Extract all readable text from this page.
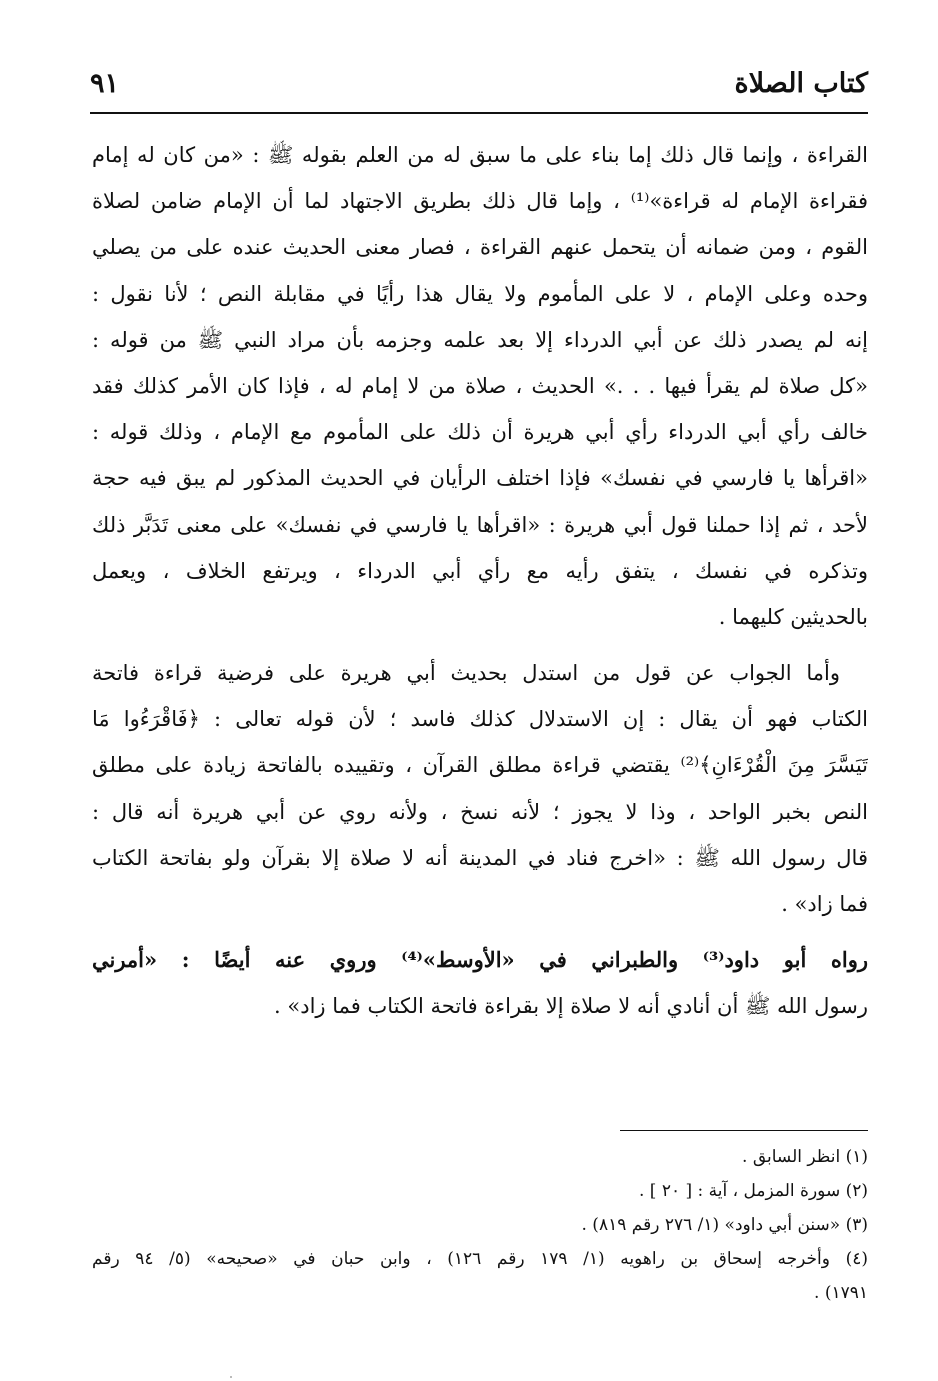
كتاب الصلاة
٩١
القراءة ، وإنما قال ذلك إما بناء على ما سبق له من العلم بقوله ﷺ : «من كان له إمام
فقراءة الإمام له قراءة»⁽¹⁾ ، وإما قال ذلك بطريق الاجتهاد لما أن الإمام ضامن لصلاة
القوم ، ومن ضمانه أن يتحمل عنهم القراءة ، فصار معنى الحديث عنده على من يصلي
وحده وعلى الإمام ، لا على المأموم ولا يقال هذا رأيًا في مقابلة النص ؛ لأنا نقول :
إنه لم يصدر ذلك عن أبي الدرداء إلا بعد علمه وجزمه بأن مراد النبي ﷺ من قوله :
«كل صلاة لم يقرأ فيها . . .» الحديث ، صلاة من لا إمام له ، فإذا كان الأمر كذلك فقد
خالف رأي أبي الدرداء رأي أبي هريرة أن ذلك على المأموم مع الإمام ، وذلك قوله :
«اقرأها يا فارسي في نفسك» فإذا اختلف الرأيان في الحديث المذكور لم يبق فيه حجة
لأحد ، ثم إذا حملنا قول أبي هريرة : «اقرأها يا فارسي في نفسك» على معنى تَدَبَّر ذلك
وتذكره في نفسك ، يتفق رأيه مع رأي أبي الدرداء ، ويرتفع الخلاف ، ويعمل
بالحديثين كليهما .
وأما الجواب عن قول من استدل بحديث أبي هريرة على فرضية قراءة فاتحة
الكتاب فهو أن يقال : إن الاستدلال كذلك فاسد ؛ لأن قوله تعالى : ﴿فَاقْرَءُوا مَا
تَيَسَّرَ مِنَ الْقُرْءَانِ﴾⁽²⁾ يقتضي قراءة مطلق القرآن ، وتقييده بالفاتحة زيادة على مطلق
النص بخبر الواحد ، وذا لا يجوز ؛ لأنه نسخ ، ولأنه روي عن أبي هريرة أنه قال :
قال رسول الله ﷺ : «اخرج فناد في المدينة أنه لا صلاة إلا بقرآن ولو بفاتحة الكتاب
فما زاد» .
رواه أبو داود⁽³⁾ والطبراني في «الأوسط»⁽⁴⁾ وروي عنه أيضًا : «أمرني
رسول الله ﷺ أن أنادي أنه لا صلاة إلا بقراءة فاتحة الكتاب فما زاد» .
(١) انظر السابق .
(٢) سورة المزمل ، آية : [ ٢٠ ] .
(٣) «سنن أبي داود» (١/ ٢٧٦ رقم ٨١٩) .
(٤) وأخرجه إسحاق بن راهويه (١/ ١٧٩ رقم ١٢٦) ، وابن حبان في «صحيحه» (٥/ ٩٤ رقم
١٧٩١) .
